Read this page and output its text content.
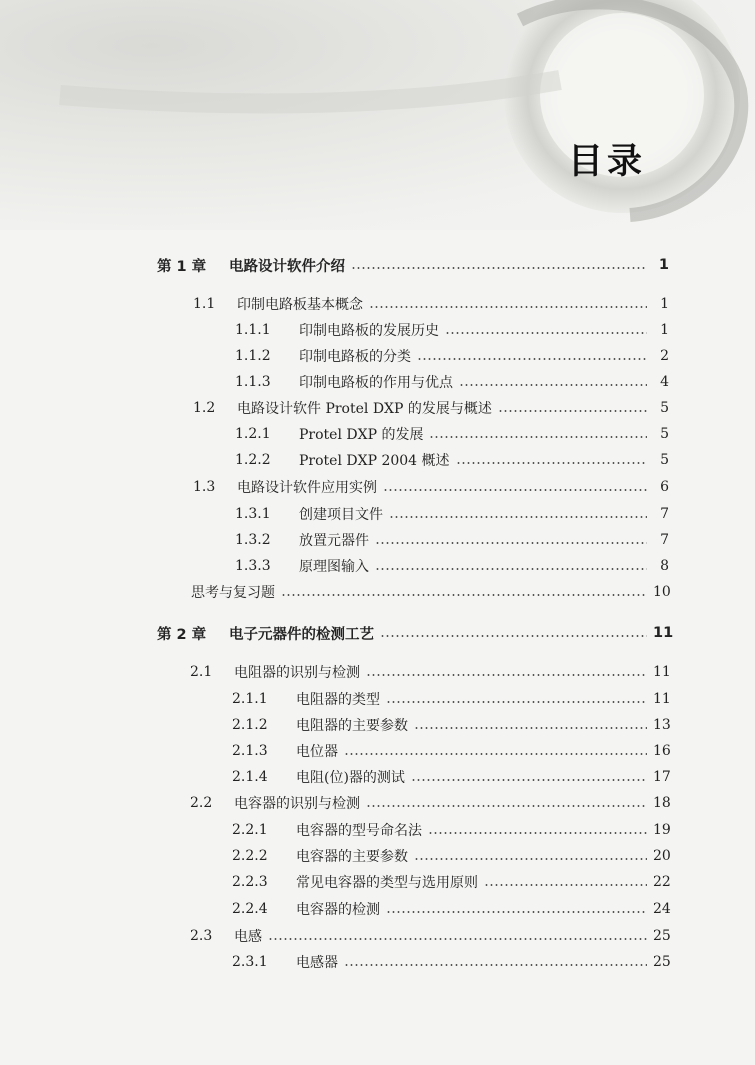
目录
第 1 章	电路设计软件介绍	1
1.1	印制电路板基本概念	1
1.1.1	印制电路板的发展历史	1
1.1.2	印制电路板的分类	2
1.1.3	印制电路板的作用与优点	4
1.2	电路设计软件 Protel DXP 的发展与概述	5
1.2.1	Protel DXP 的发展	5
1.2.2	Protel DXP 2004 概述	5
1.3	电路设计软件应用实例	6
1.3.1	创建项目文件	7
1.3.2	放置元器件	7
1.3.3	原理图输入	8
思考与复习题	10
第 2 章	电子元器件的检测工艺	11
2.1	电阻器的识别与检测	11
2.1.1	电阻器的类型	11
2.1.2	电阻器的主要参数	13
2.1.3	电位器	16
2.1.4	电阻(位)器的测试	17
2.2	电容器的识别与检测	18
2.2.1	电容器的型号命名法	19
2.2.2	电容器的主要参数	20
2.2.3	常见电容器的类型与选用原则	22
2.2.4	电容器的检测	24
2.3	电感	25
2.3.1	电感器	25
